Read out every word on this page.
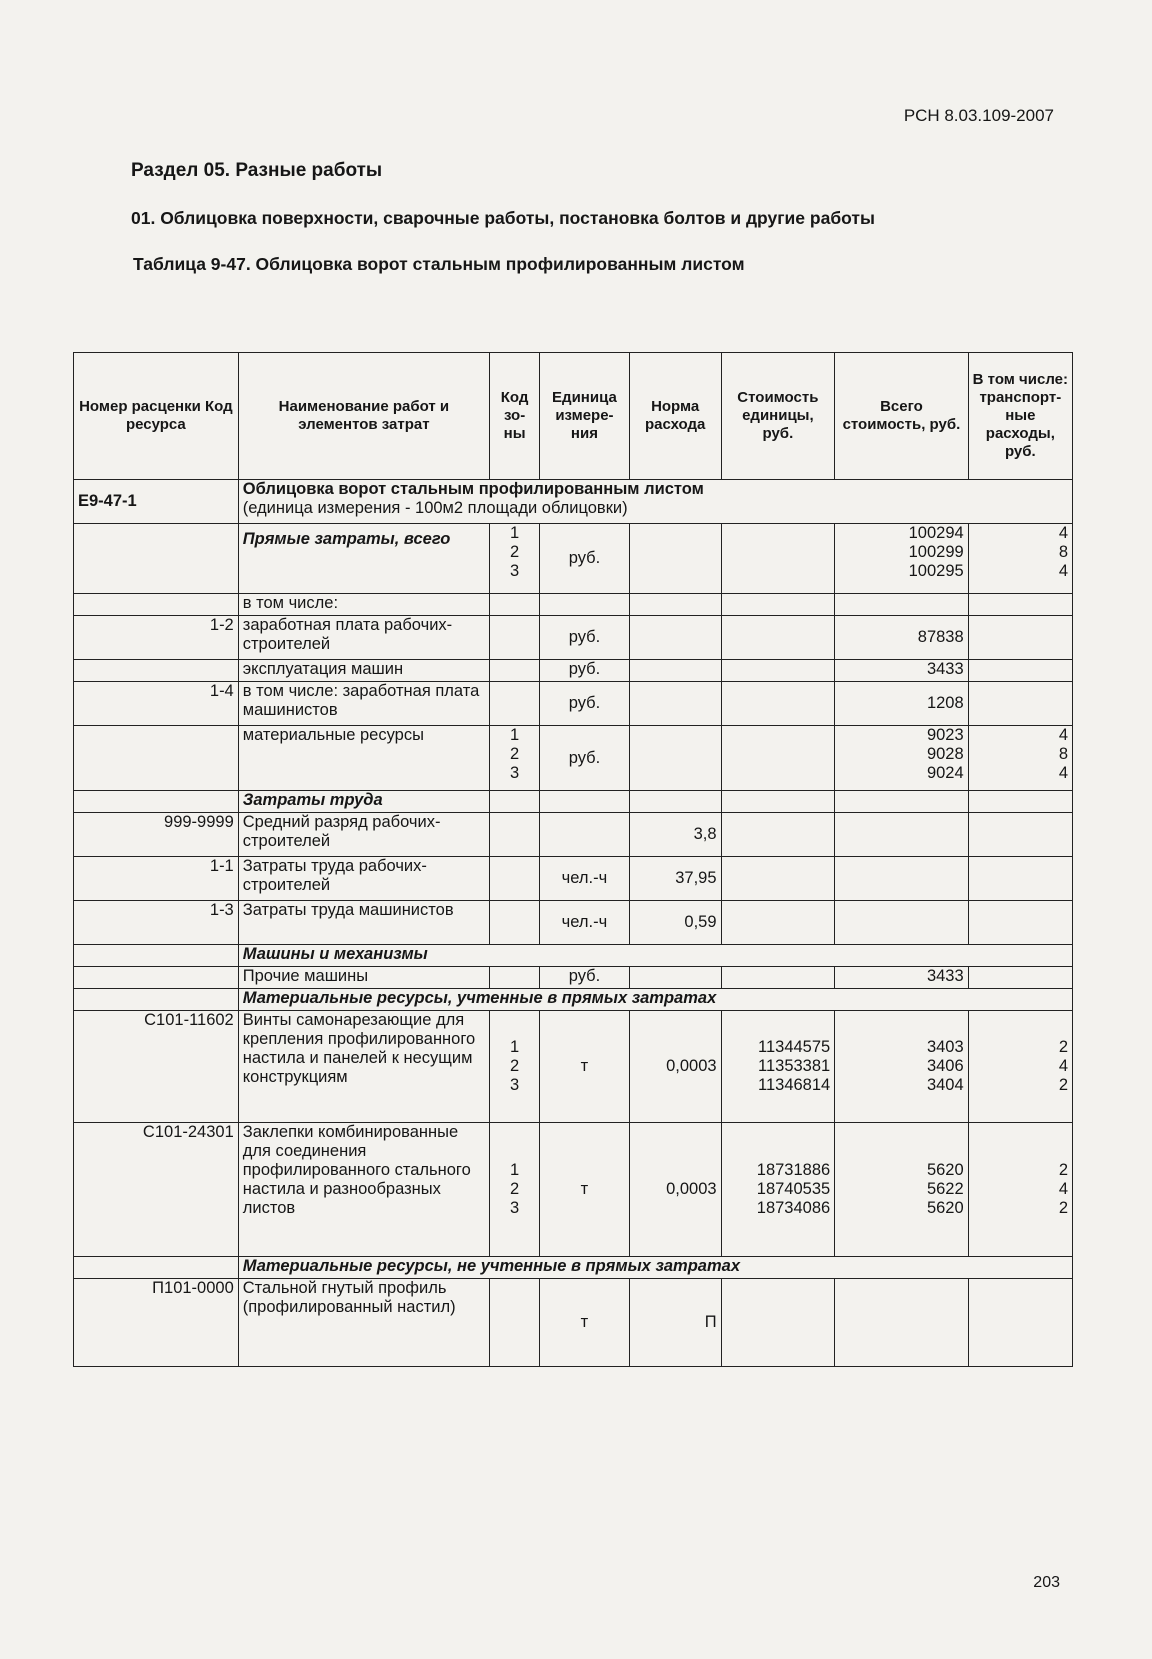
РСН 8.03.109-2007
Раздел 05. Разные работы
01. Облицовка поверхности, сварочные работы, постановка болтов и другие работы
Таблица 9-47. Облицовка ворот стальным профилированным листом
Номер расценки Код ресурса	Наименование работ и элементов затрат	Код зо- ны	Единица измере- ния	Норма расхода	Стоимость единицы, руб.	Всего стоимость, руб.	В том числе: транспорт- ные расходы, руб.
Е9-47-1	Облицовка ворот стальным профилированным листом
(единица измерения - 100м2 площади облицовки)						

	Прямые затраты, всего	1
2
3	руб.			100294
100299
100295	4
8
4

	в том числе:						
1-2	заработная плата рабочих-строителей		руб.			87838	
	эксплуатация машин		руб.			3433	
1-4	в том числе: заработная плата машинистов		руб.			1208	
	материальные ресурсы	1
2
3	руб.			9023
9028
9024	4
8
4

	Затраты труда						
999-9999	Средний разряд рабочих-строителей			3,8			
1-1	Затраты труда рабочих-строителей		чел.-ч	37,95			
1-3	Затраты труда машинистов		чел.-ч	0,59			
	Машины и механизмы						
	Прочие машины		руб.			3433	
	Материальные ресурсы, учтенные в прямых затратах						
С101-11602	Винты самонарезающие для крепления профилированного настила и панелей к несущим конструкциям	1
2
3	т	0,0003	11344575
11353381
11346814	3403
3406
3404	2
4
2

С101-24301	Заклепки комбинированные для соединения профилированного стального настила и разнообразных листов	1
2
3	т	0,0003	18731886
18740535
18734086	5620
5622
5620	2
4
2

	Материальные ресурсы, не учтенные в прямых затратах						
П101-0000	Стальной гнутый профиль (профилированный настил)		т	П			
203
